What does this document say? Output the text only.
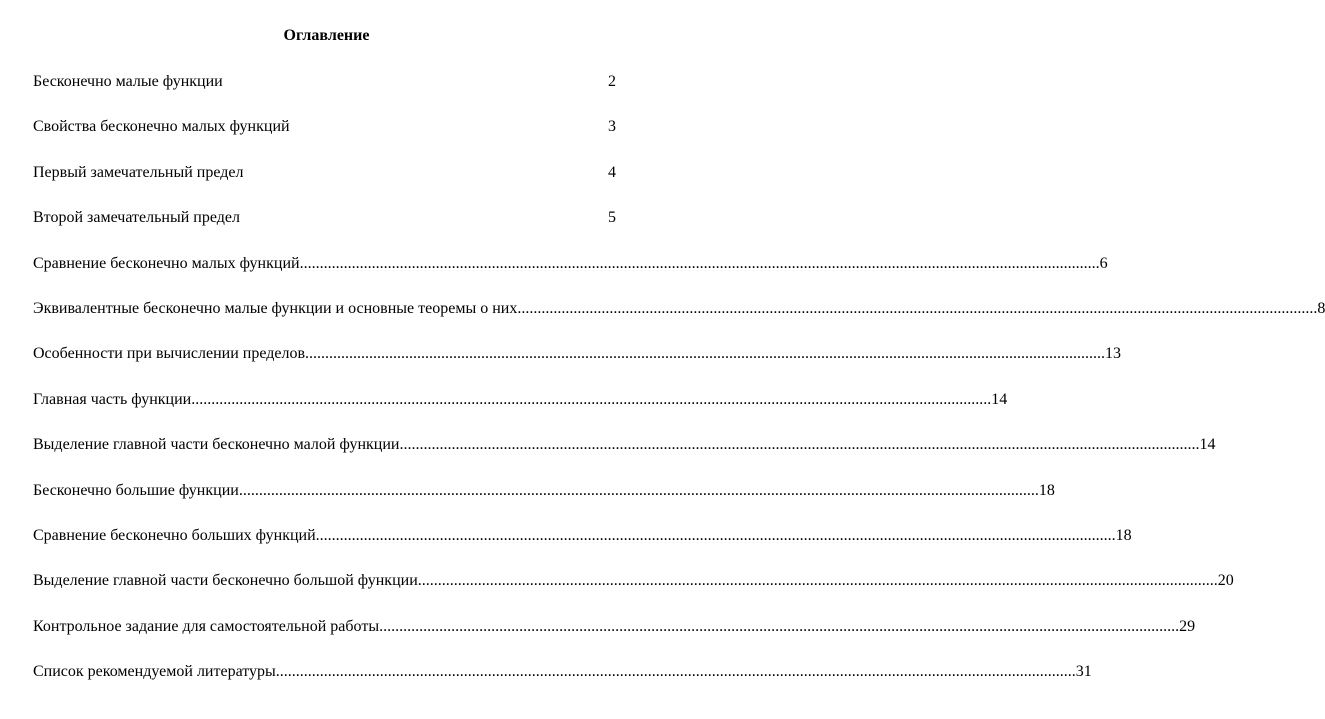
Оглавление
Бесконечно малые функции	2
Свойства бесконечно малых функций	3
Первый замечательный предел	4
Второй замечательный предел	5
Сравнение бесконечно малых функций ........................................................................................................................................................................................................ 6
Эквивалентные бесконечно малые функции и основные теоремы о них ........................................................................................................................................................................................................ 8
Особенности при вычислении пределов ........................................................................................................................................................................................................ 13
Главная часть функции ........................................................................................................................................................................................................ 14
Выделение главной части бесконечно малой функции ........................................................................................................................................................................................................ 14
Бесконечно большие функции ........................................................................................................................................................................................................ 18
Сравнение бесконечно больших функций ........................................................................................................................................................................................................ 18
Выделение главной части бесконечно большой функции ........................................................................................................................................................................................................ 20
Контрольное задание для самостоятельной работы ........................................................................................................................................................................................................ 29
Список рекомендуемой литературы ........................................................................................................................................................................................................ 31
